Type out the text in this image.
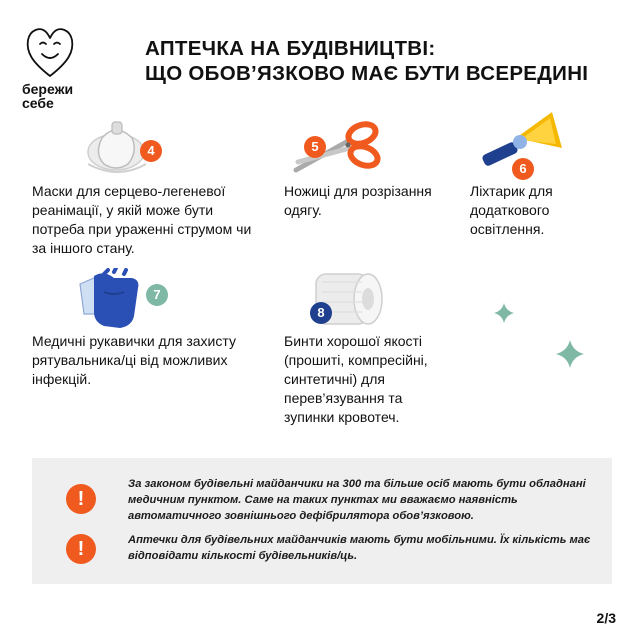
бережи
себе
АПТЕЧКА НА БУДІВНИЦТВІ:
ЩО ОБОВ’ЯЗКОВО МАЄ БУТИ ВСЕРЕДИНІ
4
Маски для серцево-легеневої реанімації, у якій може бути потреба при ураженні струмом чи за іншого стану.
5
Ножиці для розрізання одягу.
6
Ліхтарик для додаткового освітлення.
7
Медичні рукавички для захисту рятувальника/ці від можливих інфекцій.
8
Бинти хорошої якості (прошиті, компресійні, синтетичні) для перев’язування та зупинки кровотеч.
!
За законом будівельні майданчики на 300 та більше осіб мають бути обладнані медичним пунктом. Саме на таких пунктах ми вважаємо наявність автоматичного зовнішнього дефібрилятора обов’язковою.
!	Аптечки для будівельних майданчиків мають бути мобільними. Їх кількість має відповідати кількості будівельників/ць.
2/3
